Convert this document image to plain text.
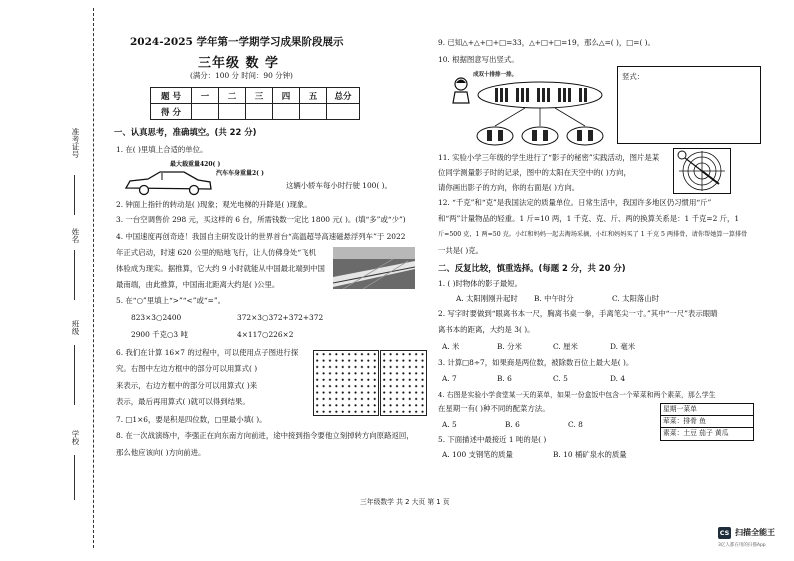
准考证号
姓名
班级
学校
2024-2025 学年第一学期学习成果阶段展示
三年级 数 学
(满分：100 分 时间：90 分钟)
题 号	一	二	三	四	五	总分
得 分						
一、认真思考，准确填空。(共 22 分)
1. 在( )里填上合适的单位。
最大载重量420( )
汽车车身重量2( )
这辆小轿车每小时行驶 100( )。
2. 钟面上指针的转动是( )现象；观光电梯的升降是( )现象。
3. 一台空调售价 298 元，买这样的 6 台，所需钱数一定比 1800 元( )。(填“多”或“少”)
4. 中国速度再创奇迹！我国自主研发设计的世界首台“高温超导高速磁悬浮列车”于 2022
年正式启动，时速 620 公里的贴地飞行，让人仿佛身处“飞机
体验成为现实。据推算，它大约 9 小时就能从中国最北端到中国
最南端，由此推算，中国南北距离大约是( )公里。
5. 在“○”里填上“>”“<”或“=”。
823×3○2400	372×3○372+372+372
2900 千克○3 吨	4×117○226×2
6. 我们在计算 16×7 的过程中，可以使用点子图进行探
究。右图中左边方框中的部分可以用算式( )
来表示，右边方框中的部分可以用算式( )来
表示，最后再用算式( )就可以得到结果。
7. □1×6，要是积是四位数，□里最小填( )。
8. 在一次战演练中，李强正在向东南方向前进，途中接到指令要他立刻掉转方向原路返回，
那么他应该向( )方向前进。
9. 已知△+△+□+□=33，△+□+□=19，那么△=( )，□=( )。
10. 根据图意写出竖式。
成双十排排一排。	竖式：
11. 实验小学三年级的学生进行了“影子的秘密”实践活动，图片是某
位同学测量影子时的记录，图中的太阳在天空中的( )方向，
请你画出影子的方向，你的右面是( )方向。
12. “千克”和“克”是我国法定的质量单位。日常生活中，我国许多地区仍习惯用“斤”
和“两”计量物品的轻重。1 斤=10 两，1 千克、克、斤、两的换算关系是：1 千克=2 斤，1
斤=500 克，1 两=50 克。小红和妈妈一起去淘场采摘，小红和妈妈买了 1 千克 5 两排骨，请你帮她算一算排骨
一共是( )克。
二、反复比较，慎重选择。(每题 2 分，共 20 分)
1. ( )时物体的影子最短。
A. 太阳刚刚升起时 B. 中午时分	C. 太阳落山时
2. 写字时要做到“眼离书本一尺，胸离书桌一拳，手离笔尖一寸。”其中“一尺”表示眼睛
离书本的距离，大约是 3( )。
A. 米	B. 分米	C. 厘米	D. 毫米
3. 计算□8÷7，如果商是两位数，被除数百位上最大是( )。
A. 7	B. 6	C. 5	D. 4
4. 右图是实验小学食堂某一天的菜单，如果一份盒饭中包含一个荤菜和两个素菜，那么学生
在星期一有( )种不同的配菜方法。
A. 5	B. 6	C. 8
星期一菜单
荤菜：排骨 鱼
素菜：土豆 茄子 黄瓜
5. 下面描述中最接近 1 吨的是( )
A. 100 支钢笔的质量	B. 10 桶矿泉水的质量
三年级数学 共 2 大页 第 1 页
CS 扫描全能王
3亿人都在用的扫描App
